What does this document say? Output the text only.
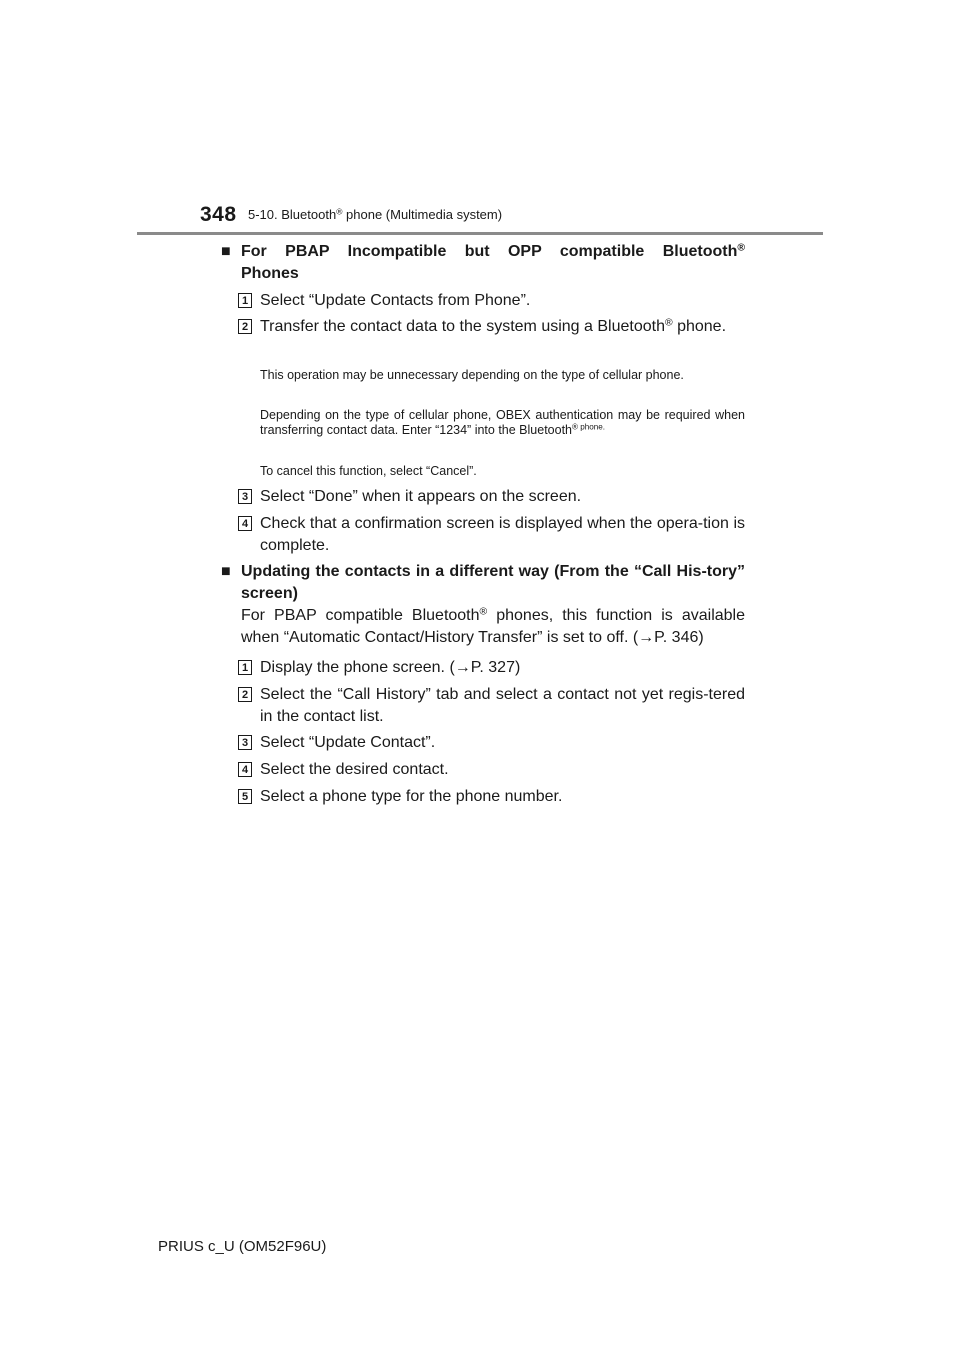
348 5-10. Bluetooth® phone (Multimedia system)
■ For PBAP Incompatible but OPP compatible Bluetooth®
Phones
1 Select “Update Contacts from Phone”.
2 Transfer the contact data to the system using a Bluetooth® phone.
This operation may be unnecessary depending on the type of cellular phone.
Depending on the type of cellular phone, OBEX authentication may be required when transferring contact data. Enter “1234” into the Bluetooth$^{® phone.}$
To cancel this function, select “Cancel”.
3 Select “Done” when it appears on the screen.
4 Check that a confirmation screen is displayed when the opera-tion is complete.
■ Updating the contacts in a different way (From the “Call His-tory” screen)
For PBAP compatible Bluetooth® phones, this function is available when “Automatic Contact/History Transfer” is set to off. (→P. 346)
1 Display the phone screen. (→P. 327)
2 Select the “Call History” tab and select a contact not yet regis-tered in the contact list.
3 Select “Update Contact”.
4 Select the desired contact.
5 Select a phone type for the phone number.
PRIUS c_U (OM52F96U)
